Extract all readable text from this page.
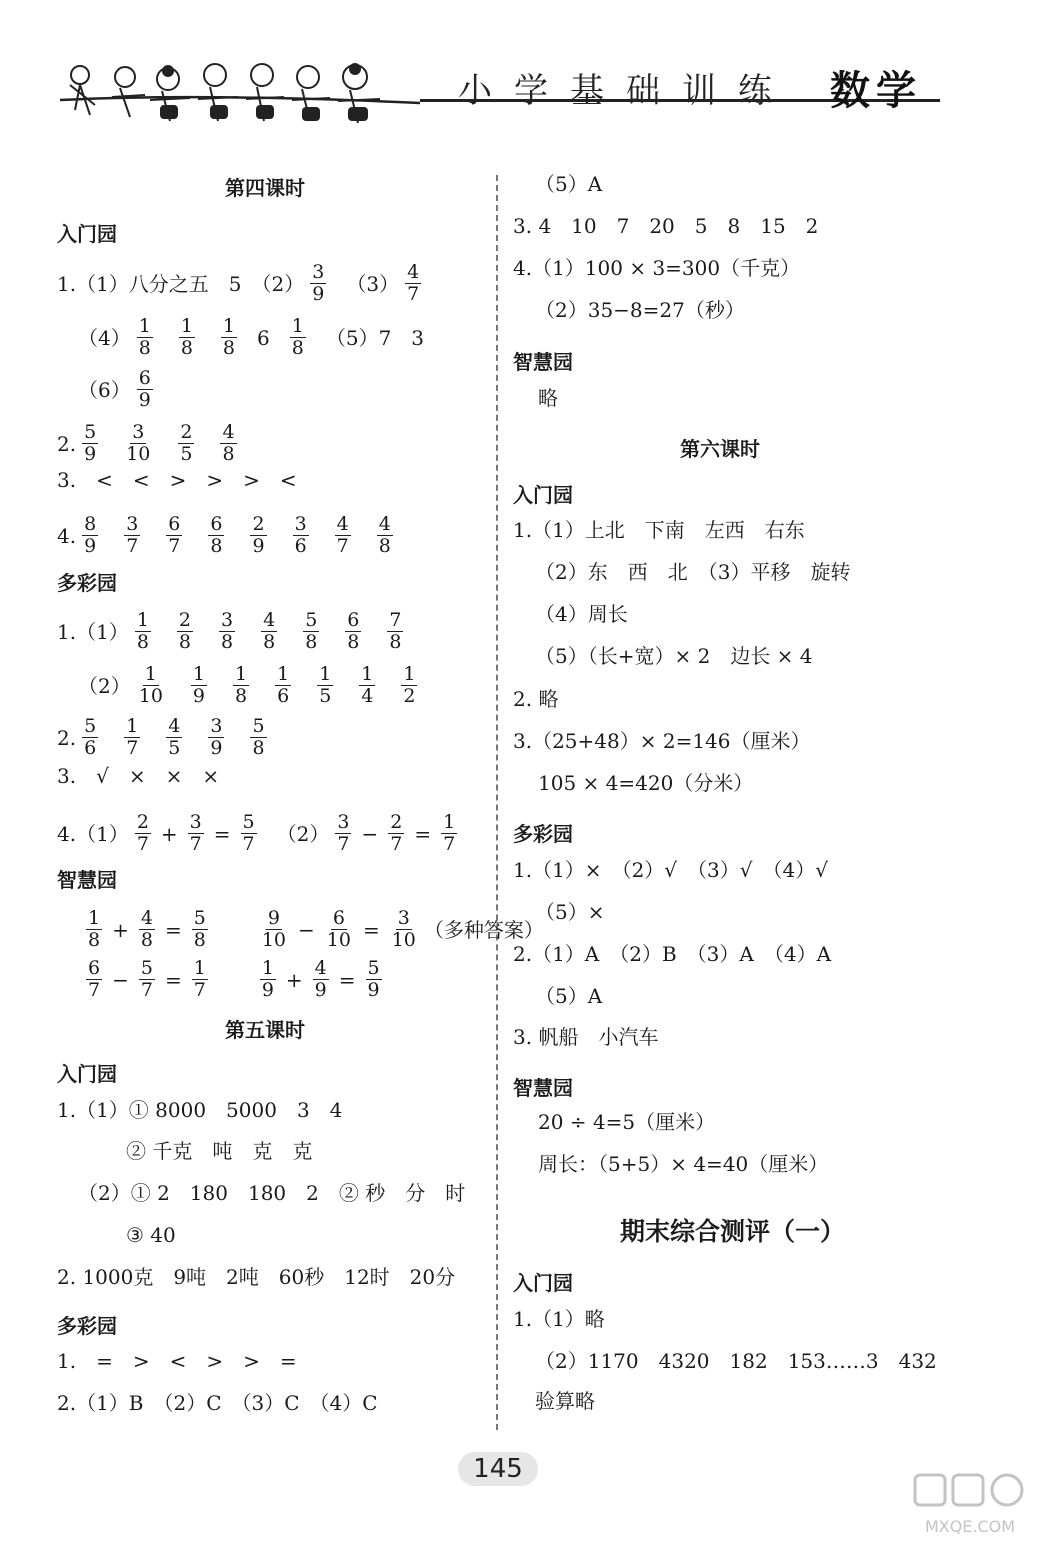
小学基础训练 数学
第四课时
入门园
1.（1）八分之五　5　$(2) \frac{3}{9} (3) \frac{4}{7}$
$(4) \frac{1}{8} \frac{1}{8} \frac{1}{8} 6 \frac{1}{8} (5)7$　3
$(6) \frac{6}{9}$
2. $\frac{5}{9} \frac{3}{10} \frac{2}{5} \frac{4}{8}$
3.　<　<　>　>　>　<
4. $\frac{8}{9} \frac{3}{7} \frac{6}{7} \frac{6}{8} \frac{2}{9} \frac{3}{6} \frac{4}{7} \frac{4}{8}$
多彩园
$1.(1) \frac{1}{8} \frac{2}{8} \frac{3}{8} \frac{4}{8} \frac{5}{8} \frac{6}{8} \frac{7}{8}$
$(2) \frac{1}{10} \frac{1}{9} \frac{1}{8} \frac{1}{6} \frac{1}{5} \frac{1}{4} \frac{1}{2}$
2. $\frac{5}{6} \frac{1}{7} \frac{4}{5} \frac{3}{9} \frac{5}{8}$
3.　√　×　×　×
$4.(1) \frac{2}{7} + \frac{3}{7} = \frac{5}{7} (2) \frac{3}{7} - \frac{2}{7} = \frac{1}{7}$
智慧园
$\frac{1}{8} + \frac{4}{8} = \frac{5}{8}$	$\frac{9}{10} - \frac{6}{10} = \frac{3}{10}$ （多种答案）
$\frac{6}{7} - \frac{5}{7} = \frac{1}{7}$	$\frac{1}{9} + \frac{4}{9} = \frac{5}{9}$
第五课时
入门园
1.（1）① 8000　5000　3　4
② 千克　吨　克　克
（2）① 2　180　180　2　② 秒　分　时
③ 40
2. 1000克　9吨　2吨　60秒　12时　20分
多彩园
1.　=　>　<　>　>　=
2.（1）B　（2）C　（3）C　（4）C
（5）A
3. 4　10　7　20　5　8　15　2
4.（1）100 × 3=300（千克）
（2）35−8=27（秒）
智慧园
略
第六课时
入门园
1.（1）上北　下南　左西　右东
（2）东　西　北　（3）平移　旋转
（4）周长
（5）（长+宽）× 2　边长 × 4
2. 略
3.（25+48）× 2=146（厘米）
105 × 4=420（分米）
多彩园
1.（1）×　（2）√　（3）√　（4）√
（5）×
2.（1）A　（2）B　（3）A　（4）A
（5）A
3. 帆船　小汽车
智慧园
20 ÷ 4=5（厘米）
周长：（5+5）× 4=40（厘米）
期末综合测评（一）
入门园
1.（1）略
（2）1170　4320　182　153……3　432
验算略
145
MXQE.COM
